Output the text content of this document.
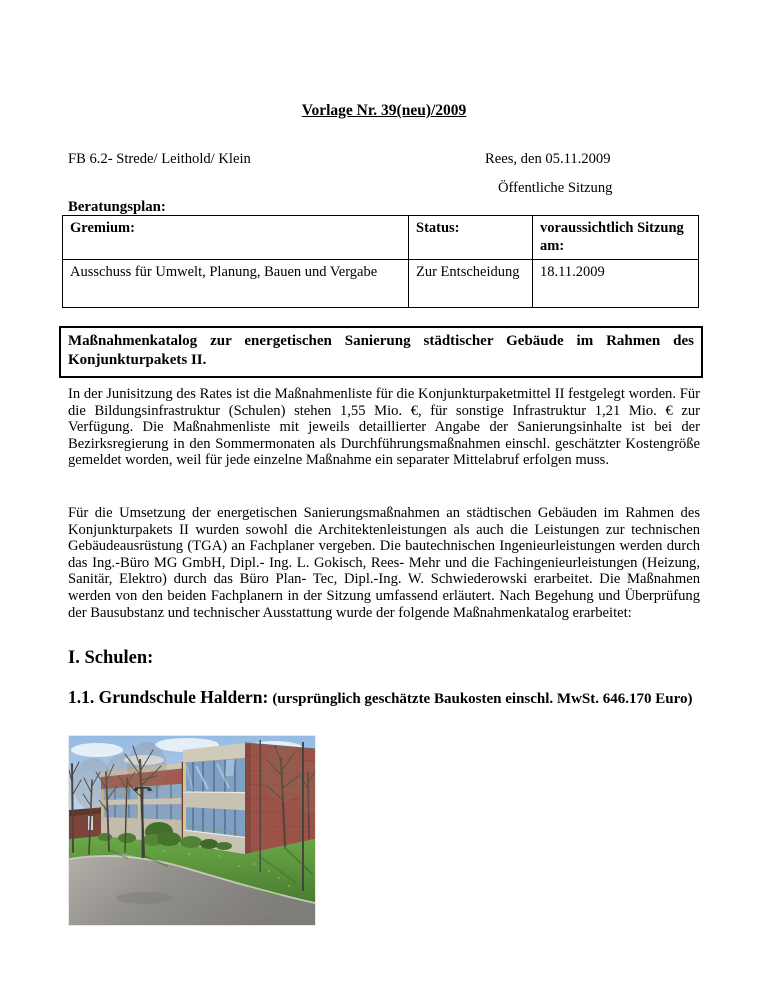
Vorlage Nr. 39(neu)/2009
FB 6.2- Strede/ Leithold/ Klein	Rees, den 05.11.2009
Öffentliche Sitzung
Beratungsplan:
Gremium:	Status:	voraussichtlich Sitzung am:
Ausschuss für Umwelt, Planung, Bauen und Vergabe	Zur Entscheidung	18.11.2009
Maßnahmenkatalog zur energetischen Sanierung städtischer Gebäude im Rahmen des Konjunkturpakets II.

In der Junisitzung des Rates ist die Maßnahmenliste für die Konjunkturpaketmittel II festgelegt worden. Für die Bildungsinfrastruktur (Schulen) stehen 1,55 Mio. €, für sonstige Infrastruktur 1,21 Mio. € zur Verfügung. Die Maßnahmenliste mit jeweils detaillierter Angabe der Sanierungsinhalte ist bei der Bezirksregierung in den Sommermonaten als Durchführungsmaßnahmen einschl. geschätzter Kostengröße gemeldet worden, weil für jede einzelne Maßnahme ein separater Mittelabruf erfolgen muss.

Für die Umsetzung der energetischen Sanierungsmaßnahmen an städtischen Gebäuden im Rahmen des Konjunkturpakets II wurden sowohl die Architektenleistungen als auch die Leistungen zur technischen Gebäudeausrüstung (TGA) an Fachplaner vergeben. Die bautechnischen Ingenieurleistungen werden durch das Ing.-Büro MG GmbH, Dipl.- Ing. L. Gokisch, Rees- Mehr und die Fachingenieurleistungen (Heizung, Sanitär, Elektro) durch das Büro Plan- Tec, Dipl.-Ing. W. Schwiederowski erarbeitet. Die Maßnahmen werden von den beiden Fachplanern in der Sitzung umfassend erläutert. Nach Begehung und Überprüfung der Bausubstanz und technischer Ausstattung wurde der folgende Maßnahmenkatalog erarbeitet:

I. Schulen:
1.1. Grundschule Haldern: (ursprünglich geschätzte Baukosten einschl. MwSt. 646.170 Euro)
